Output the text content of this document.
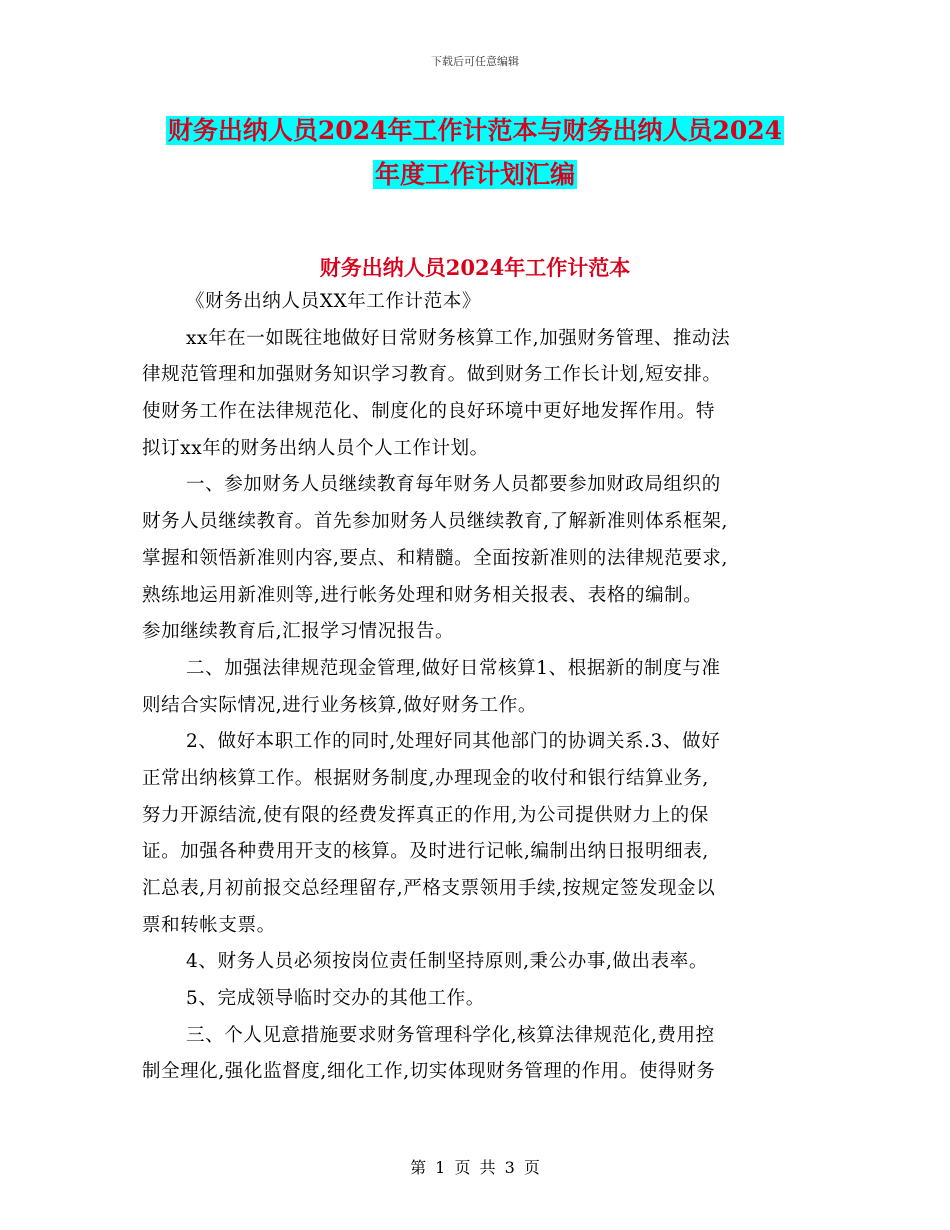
下载后可任意编辑
财务出纳人员2024年工作计范本与财务出纳人员2024
年度工作计划汇编
财务出纳人员2024年工作计范本
《财务出纳人员XX年工作计范本》
xx年在一如既往地做好日常财务核算工作,加强财务管理、推动法
律规范管理和加强财务知识学习教育。做到财务工作长计划,短安排。
使财务工作在法律规范化、制度化的良好环境中更好地发挥作用。特
拟订xx年的财务出纳人员个人工作计划。
一、参加财务人员继续教育每年财务人员都要参加财政局组织的
财务人员继续教育。首先参加财务人员继续教育,了解新准则体系框架,
掌握和领悟新准则内容,要点、和精髓。全面按新准则的法律规范要求,
熟练地运用新准则等,进行帐务处理和财务相关报表、表格的编制。
参加继续教育后,汇报学习情况报告。
二、加强法律规范现金管理,做好日常核算1、根据新的制度与准
则结合实际情况,进行业务核算,做好财务工作。
2、做好本职工作的同时,处理好同其他部门的协调关系.3、做好
正常出纳核算工作。根据财务制度,办理现金的收付和银行结算业务,
努力开源结流,使有限的经费发挥真正的作用,为公司提供财力上的保
证。加强各种费用开支的核算。及时进行记帐,编制出纳日报明细表,
汇总表,月初前报交总经理留存,严格支票领用手续,按规定签发现金以
票和转帐支票。
4、财务人员必须按岗位责任制坚持原则,秉公办事,做出表率。
5、完成领导临时交办的其他工作。
三、个人见意措施要求财务管理科学化,核算法律规范化,费用控
制全理化,强化监督度,细化工作,切实体现财务管理的作用。使得财务
第 1 页 共 3 页
